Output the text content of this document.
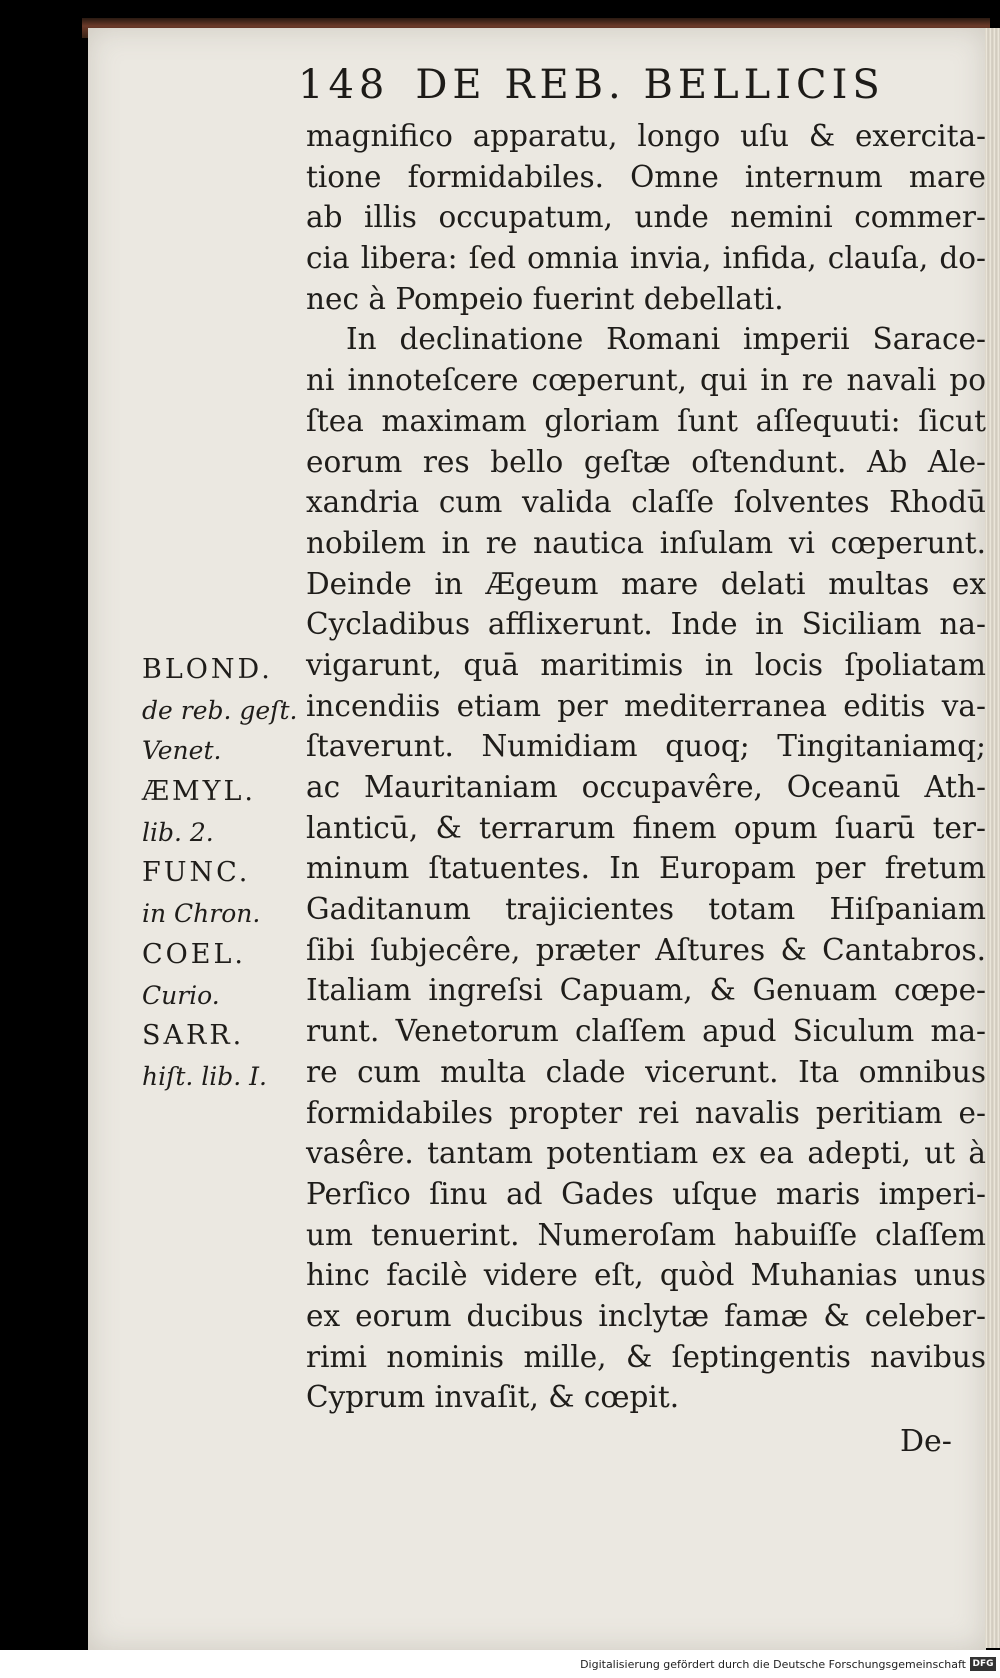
148 DE REB. BELLICIS
BLOND.
de reb. geſt.
Venet.
ÆMYL.
lib. 2.
FUNC.
in Chron.
COEL.
Curio.
SARR.
hiſt. lib. I.
magnifico apparatu, longo uſu & exercita-
tione formidabiles. Omne internum mare
ab illis occupatum, unde nemini commer-
cia libera: ſed omnia invia, infida, clauſa, do-
nec à Pompeio fuerint debellati.
In declinatione Romani imperii Sarace-
ni innoteſcere cœperunt, qui in re navali po
ſtea maximam gloriam ſunt aſſequuti: ſicut
eorum res bello geſtæ oſtendunt. Ab Ale-
xandria cum valida claſſe ſolventes Rhodū
nobilem in re nautica inſulam vi cœperunt.
Deinde in Ægeum mare delati multas ex
Cycladibus afflixerunt. Inde in Siciliam na-
vigarunt, quā maritimis in locis ſpoliatam
incendiis etiam per mediterranea editis va-
ſtaverunt. Numidiam quoq; Tingitaniamq;
ac Mauritaniam occupavêre, Oceanū Ath-
lanticū, & terrarum finem opum ſuarū ter-
minum ſtatuentes. In Europam per fretum
Gaditanum trajicientes totam Hiſpaniam
ſibi ſubjecêre, præter Aſtures & Cantabros.
Italiam ingreſsi Capuam, & Genuam cœpe-
runt. Venetorum claſſem apud Siculum ma-
re cum multa clade vicerunt. Ita omnibus
formidabiles propter rei navalis peritiam e-
vasêre. tantam potentiam ex ea adepti, ut à
Perſico ſinu ad Gades uſque maris imperi-
um tenuerint. Numeroſam habuiſſe claſſem
hinc facilè videre eſt, quòd Muhanias unus
ex eorum ducibus inclytæ famæ & celeber-
rimi nominis mille, & ſeptingentis navibus
Cyprum invaſit, & cœpit.
De-
Digitalisierung gefördert durch die Deutsche Forschungsgemeinschaft DFG
